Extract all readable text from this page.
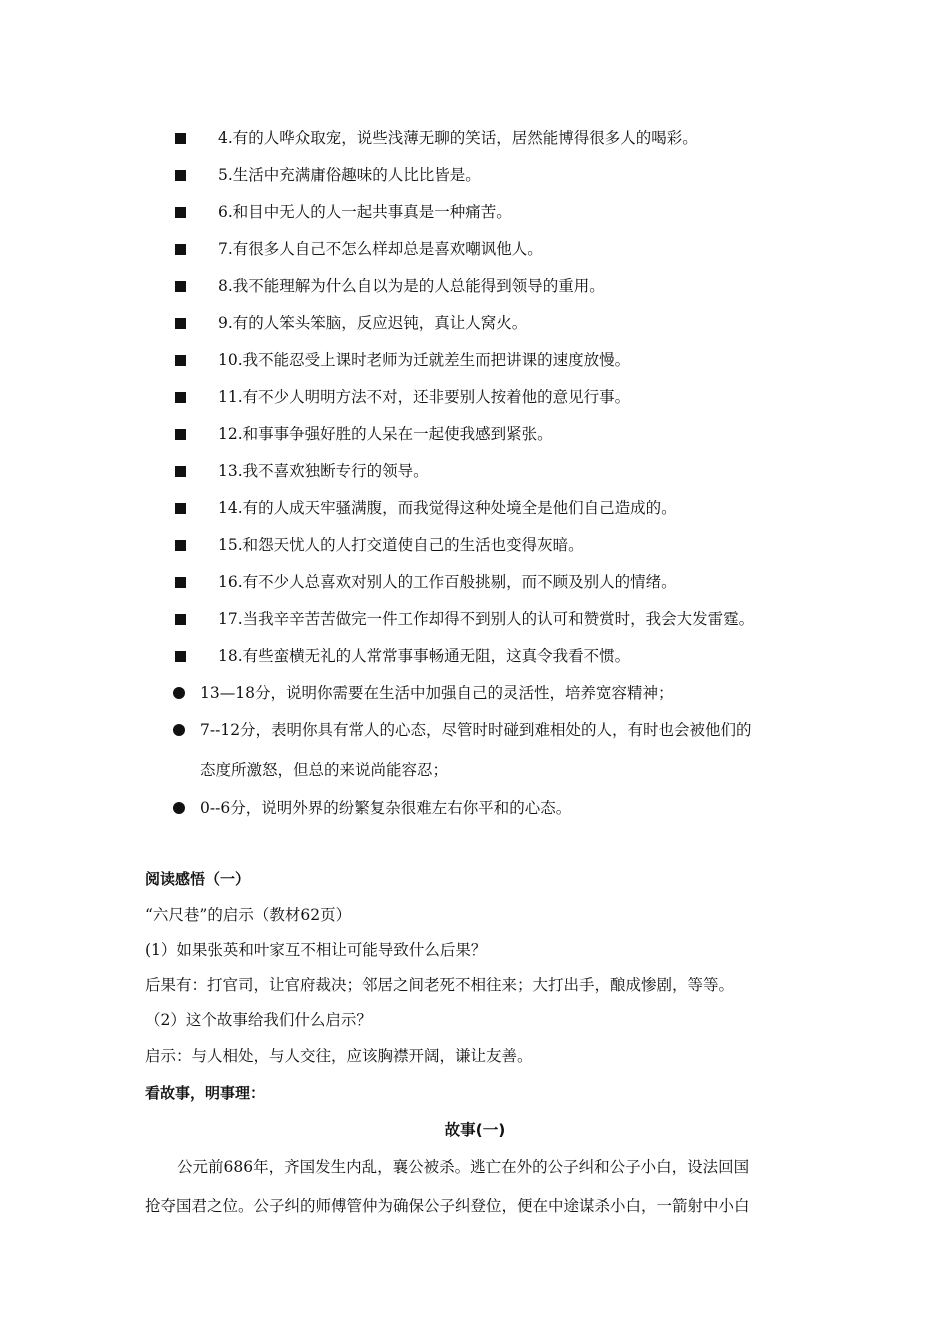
4.有的人哗众取宠，说些浅薄无聊的笑话，居然能博得很多人的喝彩。
5.生活中充满庸俗趣味的人比比皆是。
6.和目中无人的人一起共事真是一种痛苦。
7.有很多人自己不怎么样却总是喜欢嘲讽他人。
8.我不能理解为什么自以为是的人总能得到领导的重用。
9.有的人笨头笨脑，反应迟钝，真让人窝火。
10.我不能忍受上课时老师为迁就差生而把讲课的速度放慢。
11.有不少人明明方法不对，还非要别人按着他的意见行事。
12.和事事争强好胜的人呆在一起使我感到紧张。
13.我不喜欢独断专行的领导。
14.有的人成天牢骚满腹，而我觉得这种处境全是他们自己造成的。
15.和怨天忧人的人打交道使自己的生活也变得灰暗。
16.有不少人总喜欢对别人的工作百般挑剔，而不顾及别人的情绪。
17.当我辛辛苦苦做完一件工作却得不到别人的认可和赞赏时，我会大发雷霆。
18.有些蛮横无礼的人常常事事畅通无阻，这真令我看不惯。
13—18分，说明你需要在生活中加强自己的灵活性，培养宽容精神；
7--12分，表明你具有常人的心态，尽管时时碰到难相处的人，有时也会被他们的
态度所激怒，但总的来说尚能容忍；
0--6分，说明外界的纷繁复杂很难左右你平和的心态。
阅读感悟（一）
“六尺巷”的启示（教材62页）
(1）如果张英和叶家互不相让可能导致什么后果？
后果有：打官司，让官府裁决；邻居之间老死不相往来；大打出手，酿成惨剧，等等。
（2）这个故事给我们什么启示？
启示：与人相处，与人交往，应该胸襟开阔，谦让友善。
看故事，明事理：
故事(一)
公元前686年，齐国发生内乱，襄公被杀。逃亡在外的公子纠和公子小白，设法回国
抢夺国君之位。公子纠的师傅管仲为确保公子纠登位，便在中途谋杀小白，一箭射中小白
